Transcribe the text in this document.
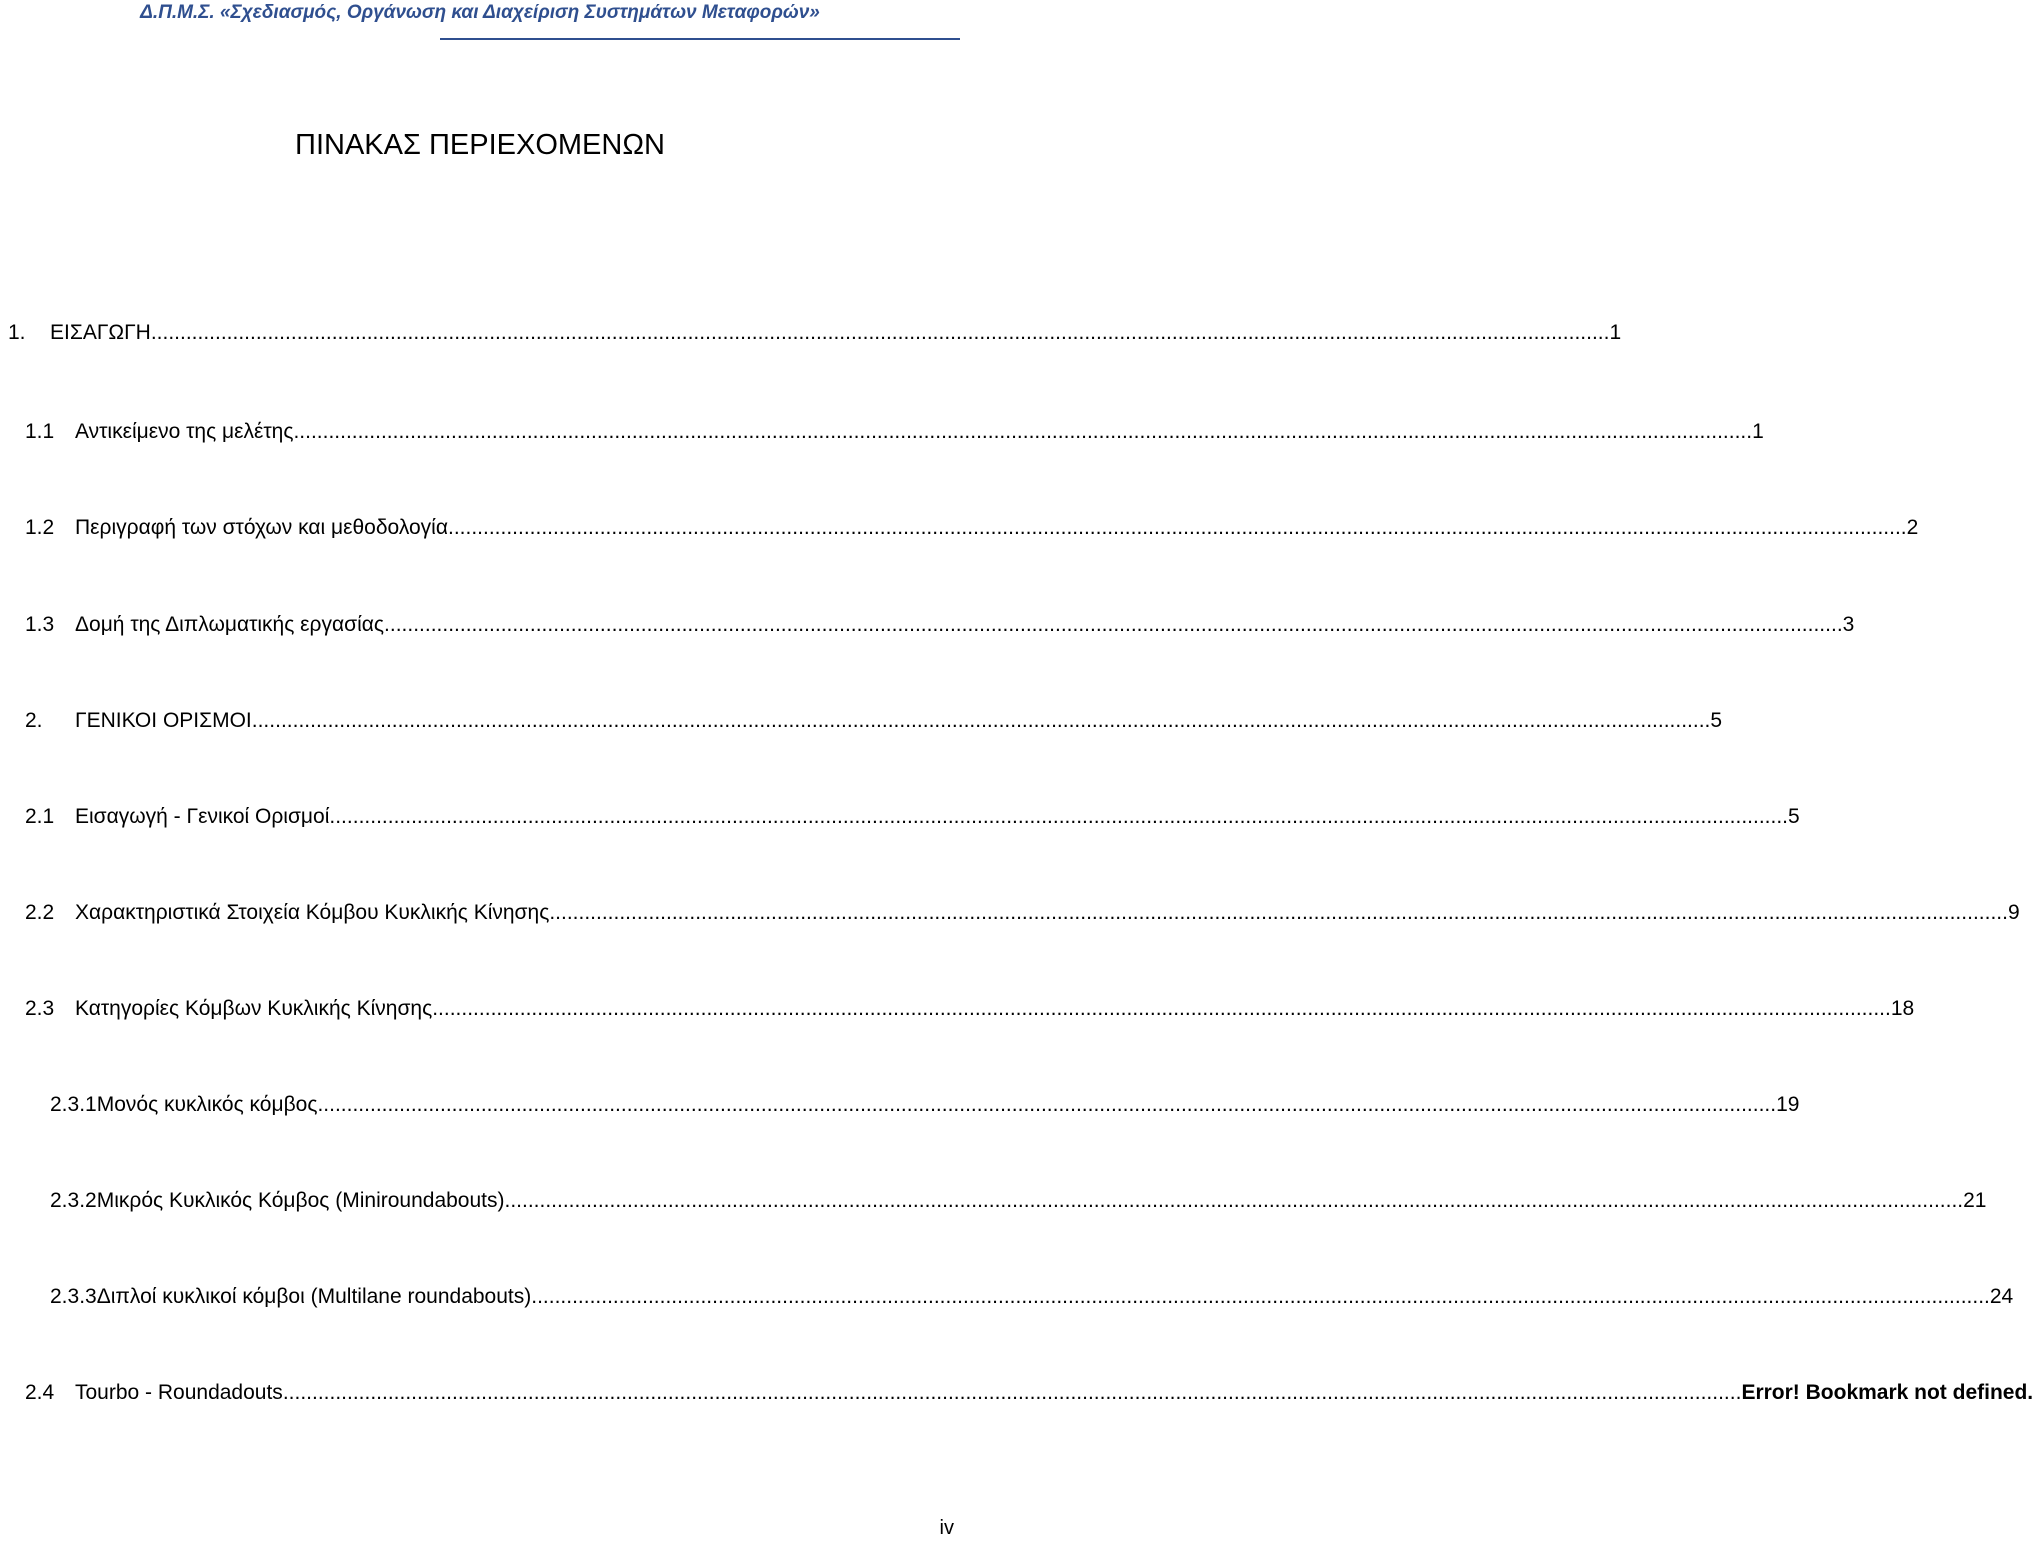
Δ.Π.Μ.Σ. «Σχεδιασμός, Οργάνωση και Διαχείριση Συστημάτων Μεταφορών»
ΠΙΝΑΚΑΣ ΠΕΡΙΕΧΟΜΕΝΩΝ
1.	ΕΙΣΑΓΩΓΗ .......................................................................................................................................................................................................................................................... 1
1.1 Αντικείμενο της μελέτης .......................................................................................................................................................................................................................................................... 1
1.2 Περιγραφή των στόχων και μεθοδολογία .......................................................................................................................................................................................................................................................... 2
1.3 Δομή της Διπλωματικής εργασίας .......................................................................................................................................................................................................................................................... 3
2.	ΓΕΝΙΚΟΙ ΟΡΙΣΜΟΙ .......................................................................................................................................................................................................................................................... 5
2.1 Εισαγωγή - Γενικοί Ορισμοί .......................................................................................................................................................................................................................................................... 5
2.2 Χαρακτηριστικά Στοιχεία Κόμβου Κυκλικής Κίνησης .......................................................................................................................................................................................................................................................... 9
2.3 Κατηγορίες Κόμβων Κυκλικής Κίνησης .......................................................................................................................................................................................................................................................... 18
2.3.1 Μονός κυκλικός κόμβος .......................................................................................................................................................................................................................................................... 19
2.3.2 Μικρός Κυκλικός Κόμβος (Miniroundabouts) .......................................................................................................................................................................................................................................................... 21
2.3.3 Διπλοί κυκλικοί κόμβοι (Multilane roundabouts) .......................................................................................................................................................................................................................................................... 24
2.4 Tourbo - Roundadouts .......................................................................................................................................................................................................................................................... Error! Bookmark not defined.
iv
